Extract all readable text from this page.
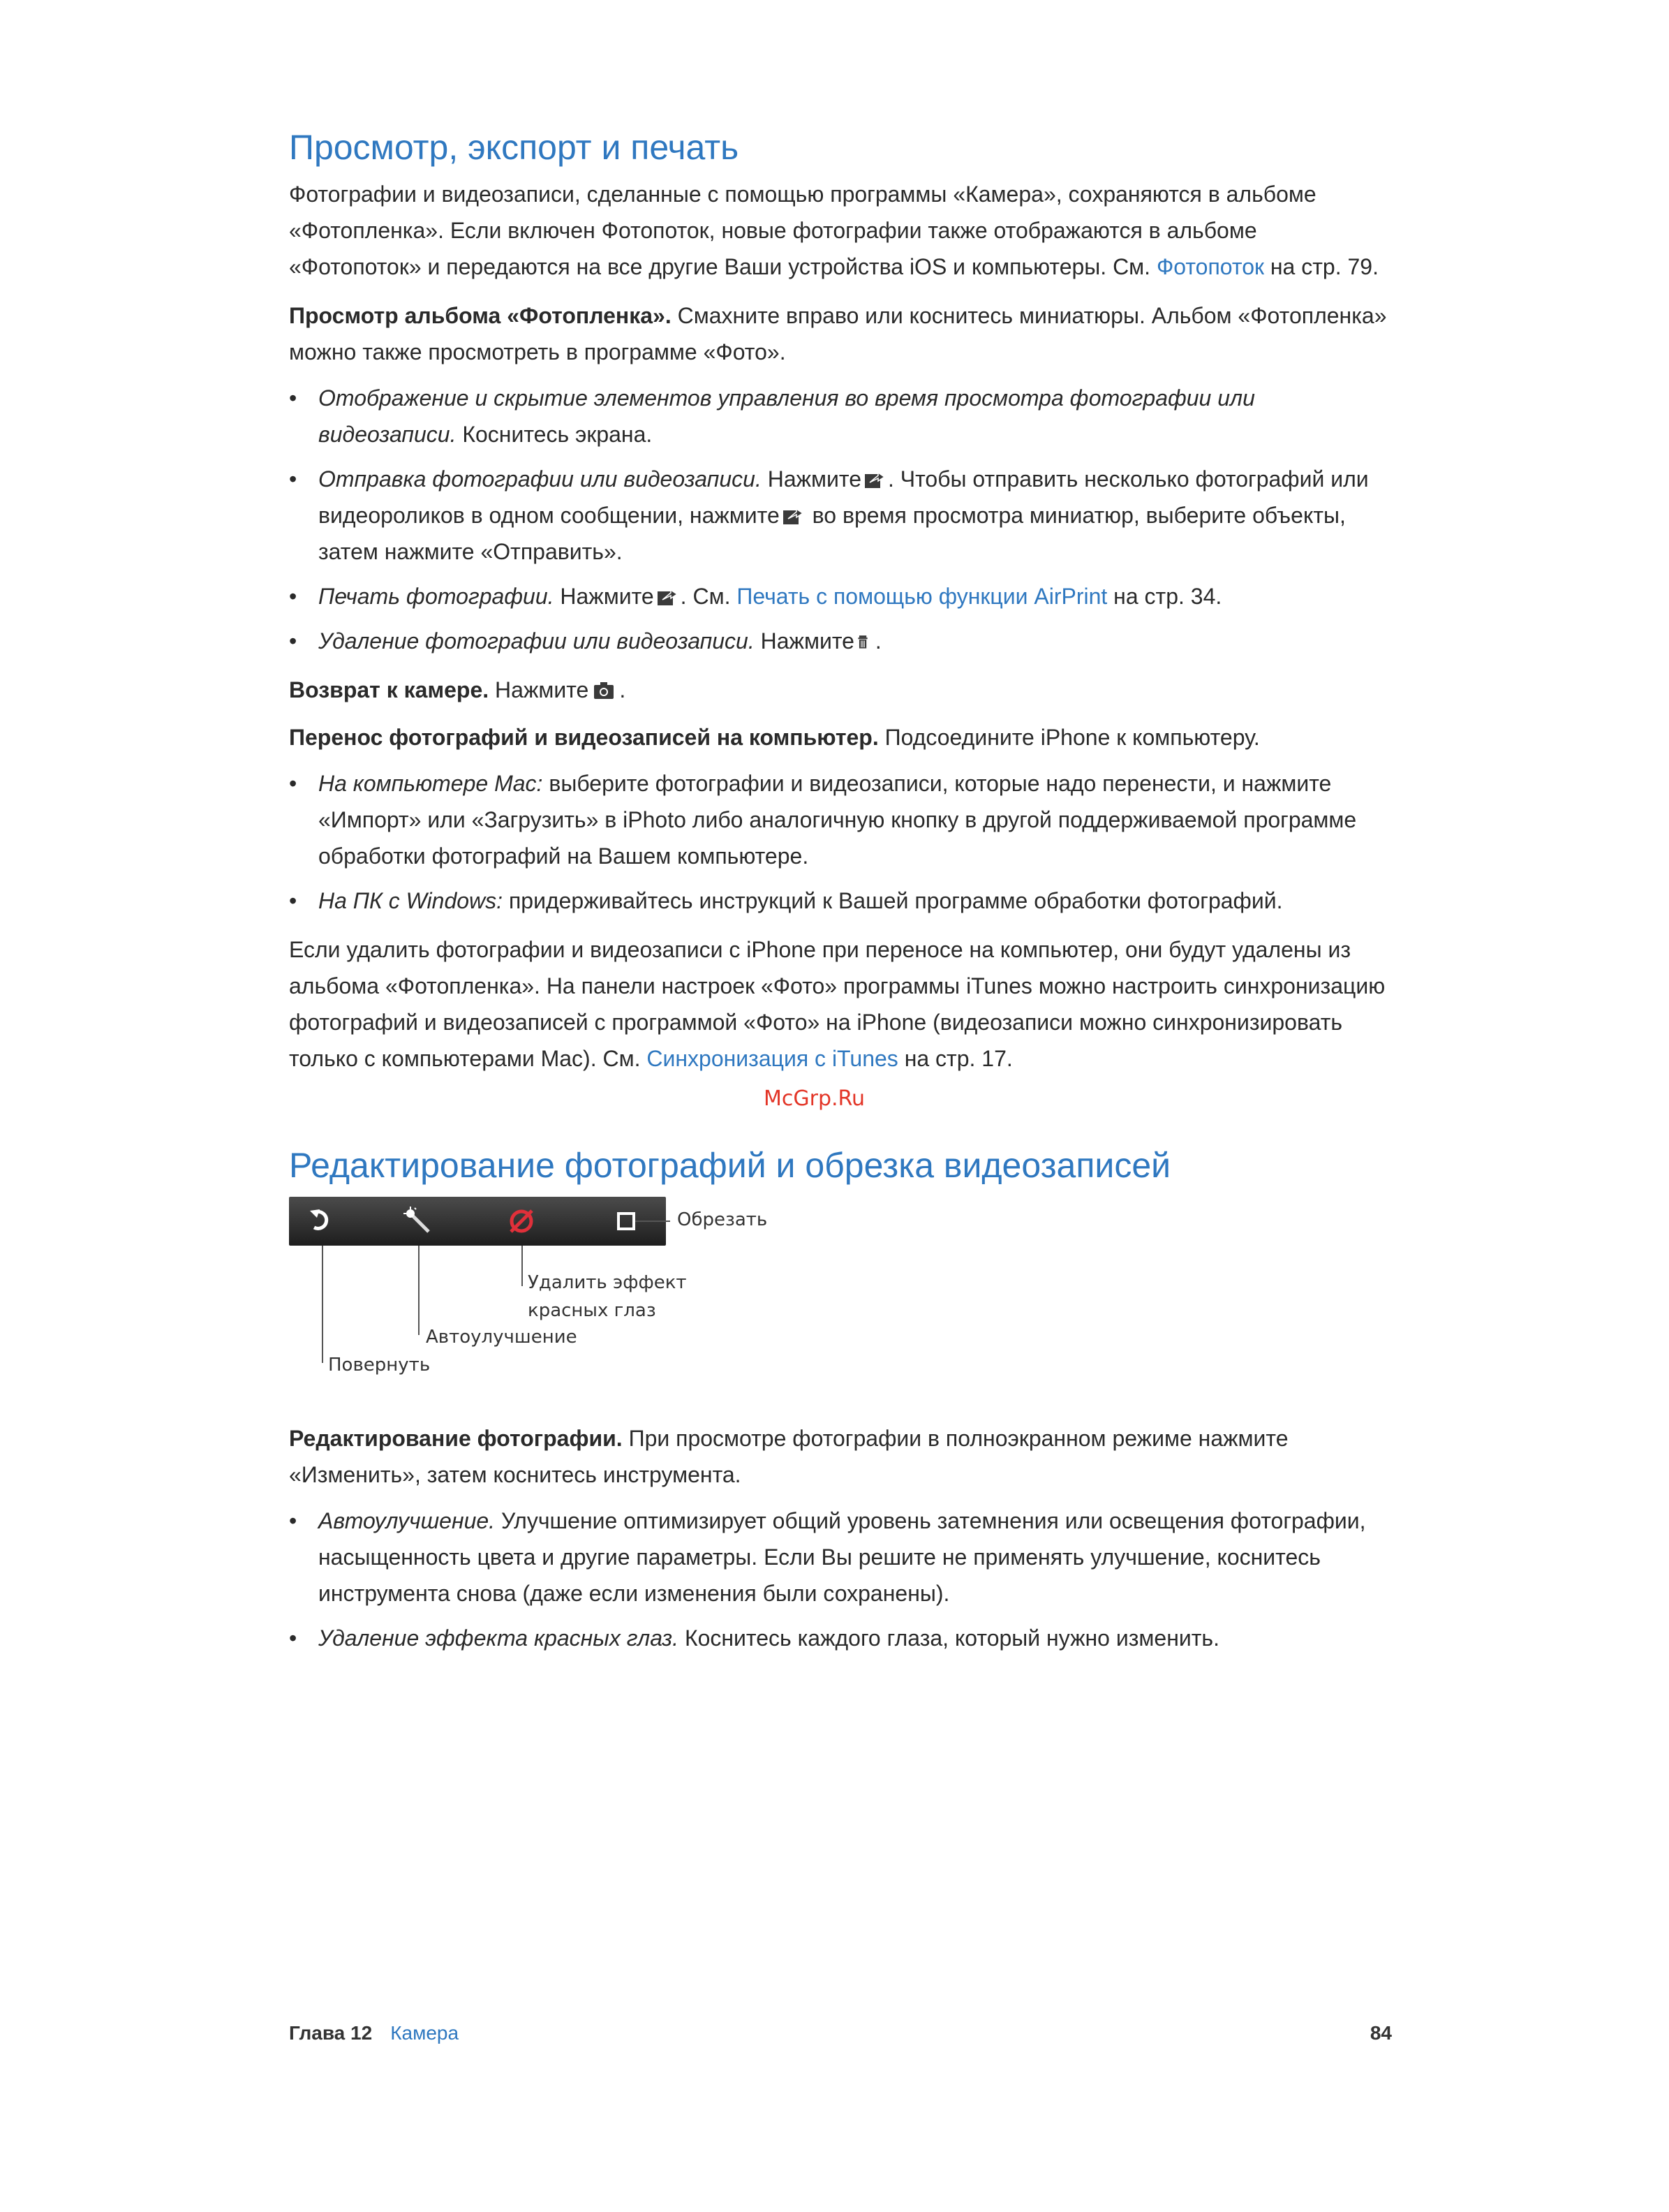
Просмотр, экспорт и печать

Фотографии и видеозаписи, сделанные с помощью программы «Камера», сохраняются в альбоме «Фотопленка». Если включен Фотопоток, новые фотографии также отображаются в альбоме «Фотопоток» и передаются на все другие Ваши устройства iOS и компьютеры. См. Фотопоток на стр. 79.

Просмотр альбома «Фотопленка». Смахните вправо или коснитесь миниатюры. Альбом «Фотопленка» можно также просмотреть в программе «Фото».

• Отображение и скрытие элементов управления во время просмотра фотографии или видеозаписи. Коснитесь экрана.
• Отправка фотографии или видеозаписи. Нажмите . Чтобы отправить несколько фотографий или видеороликов в одном сообщении, нажмите во время просмотра миниатюр, выберите объекты, затем нажмите «Отправить».
• Печать фотографии. Нажмите . См. Печать с помощью функции AirPrint на стр. 34.
• Удаление фотографии или видеозаписи. Нажмите .

Возврат к камере. Нажмите .

Перенос фотографий и видеозаписей на компьютер. Подсоедините iPhone к компьютеру.

• На компьютере Mac: выберите фотографии и видеозаписи, которые надо перенести, и нажмите «Импорт» или «Загрузить» в iPhoto либо аналогичную кнопку в другой поддерживаемой программе обработки фотографий на Вашем компьютере.
• На ПК с Windows: придерживайтесь инструкций к Вашей программе обработки фотографий.

Если удалить фотографии и видеозаписи с iPhone при переносе на компьютер, они будут удалены из альбома «Фотопленка». На панели настроек «Фото» программы iTunes можно настроить синхронизацию фотографий и видеозаписей с программой «Фото» на iPhone (видеозаписи можно синхронизировать только с компьютерами Mac). См. Синхронизация с iTunes на стр. 17.

Редактирование фотографий и обрезка видеозаписей
Обрезать
Удалить эффект
красных глаз
Автоулучшение
Повернуть

Редактирование фотографии. При просмотре фотографии в полноэкранном режиме нажмите «Изменить», затем коснитесь инструмента.

• Автоулучшение. Улучшение оптимизирует общий уровень затемнения или освещения фотографии, насыщенность цвета и другие параметры. Если Вы решите не применять улучшение, коснитесь инструмента снова (даже если изменения были сохранены).
• Удаление эффекта красных глаз. Коснитесь каждого глаза, который нужно изменить.
McGrp.Ru
Глава 12 Камера	84
